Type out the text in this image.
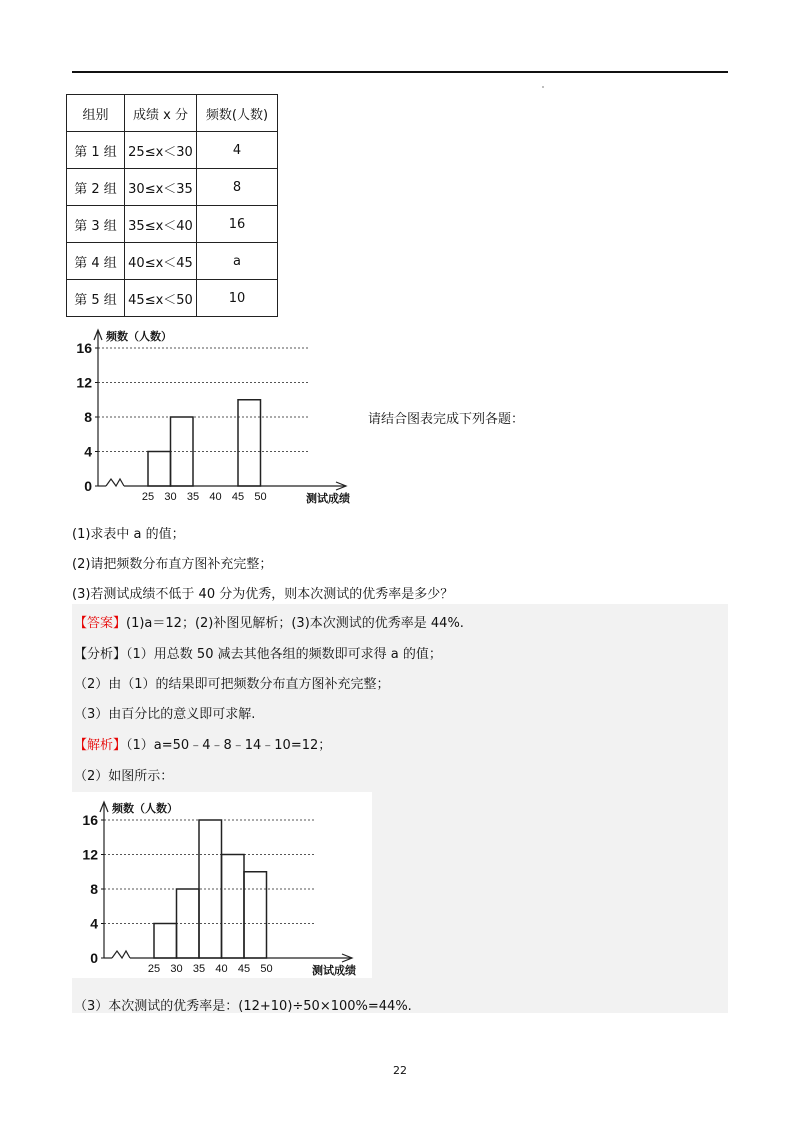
组别	成绩 x 分	频数(人数)
第 1 组	25≤x＜30	4
第 2 组	30≤x＜35	8
第 3 组	35≤x＜40	16
第 4 组	40≤x＜45	a
第 5 组	45≤x＜50	10
0
4
8
12
16
25 30 35 40 45 50
频数（人数）
测试成绩
请结合图表完成下列各题：
(1)求表中 a 的值；
(2)请把频数分布直方图补充完整；
(3)若测试成绩不低于 40 分为优秀，则本次测试的优秀率是多少？
【答案】(1)a＝12；(2)补图见解析；(3)本次测试的优秀率是 44%.
【分析】（1）用总数 50 减去其他各组的频数即可求得 a 的值；
（2）由（1）的结果即可把频数分布直方图补充完整；
（3）由百分比的意义即可求解.
【解析】（1）a=50﹣4﹣8﹣14﹣10=12；
（2）如图所示：
0
4
8
12
16
25 30 35 40 45 50
频数（人数）
测试成绩
（3）本次测试的优秀率是：(12+10)÷50×100%=44%.
22
